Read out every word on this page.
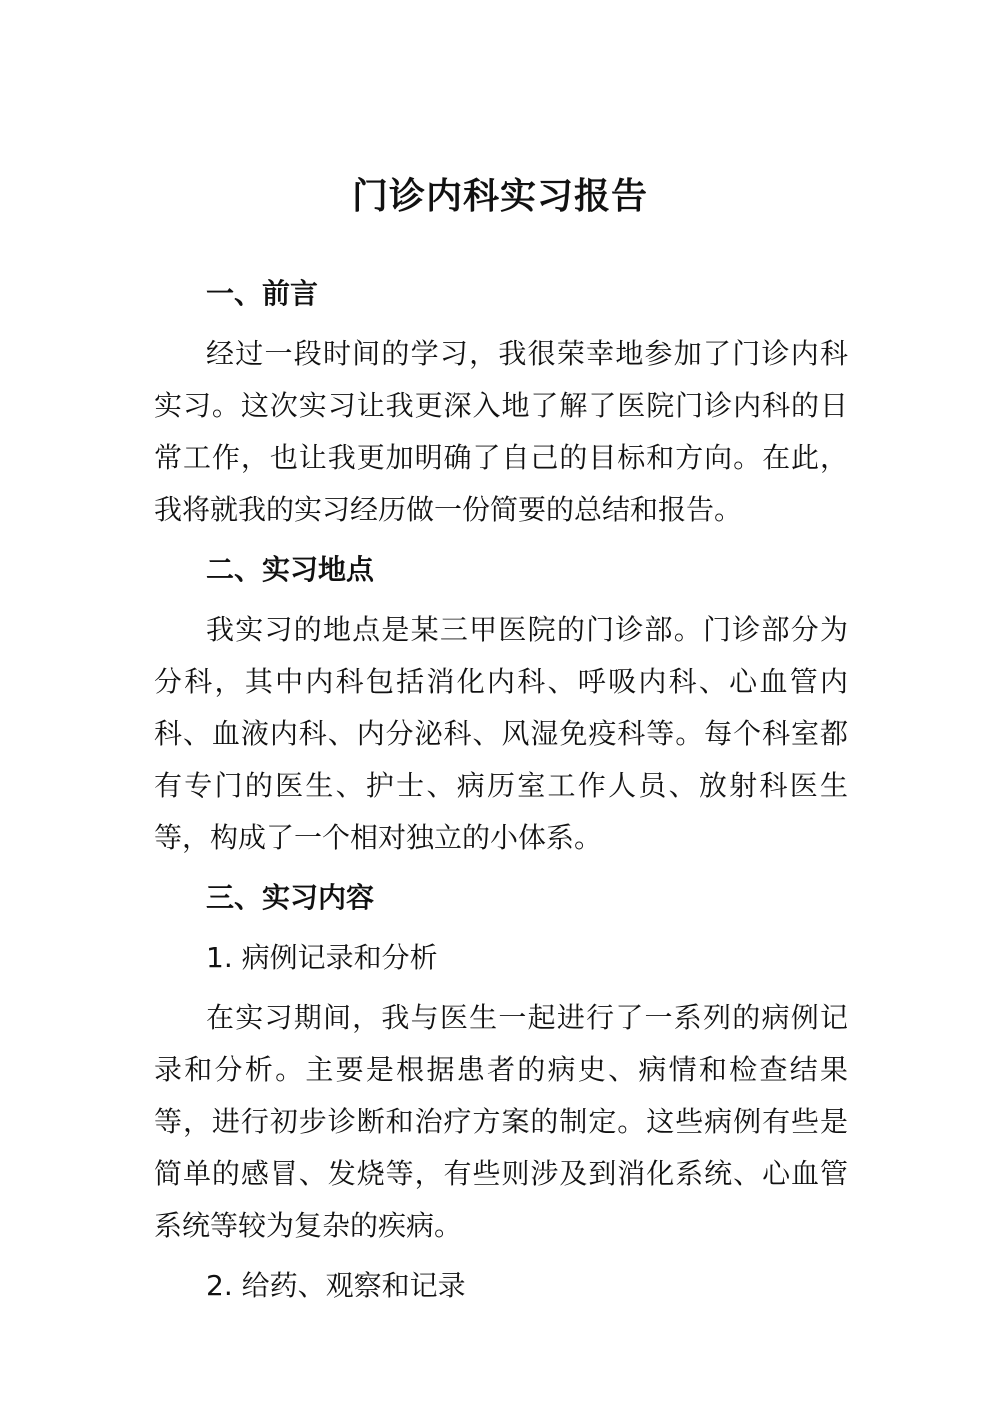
门诊内科实习报告
一、前言

经过一段时间的学习，我很荣幸地参加了门诊内科实习。这次实习让我更深入地了解了医院门诊内科的日常工作，也让我更加明确了自己的目标和方向。在此，我将就我的实习经历做一份简要的总结和报告。

二、实习地点

我实习的地点是某三甲医院的门诊部。门诊部分为分科，其中内科包括消化内科、呼吸内科、心血管内科、血液内科、内分泌科、风湿免疫科等。每个科室都有专门的医生、护士、病历室工作人员、放射科医生等，构成了一个相对独立的小体系。

三、实习内容

1. 病例记录和分析

在实习期间，我与医生一起进行了一系列的病例记录和分析。主要是根据患者的病史、病情和检查结果等，进行初步诊断和治疗方案的制定。这些病例有些是简单的感冒、发烧等，有些则涉及到消化系统、心血管系统等较为复杂的疾病。

2. 给药、观察和记录
